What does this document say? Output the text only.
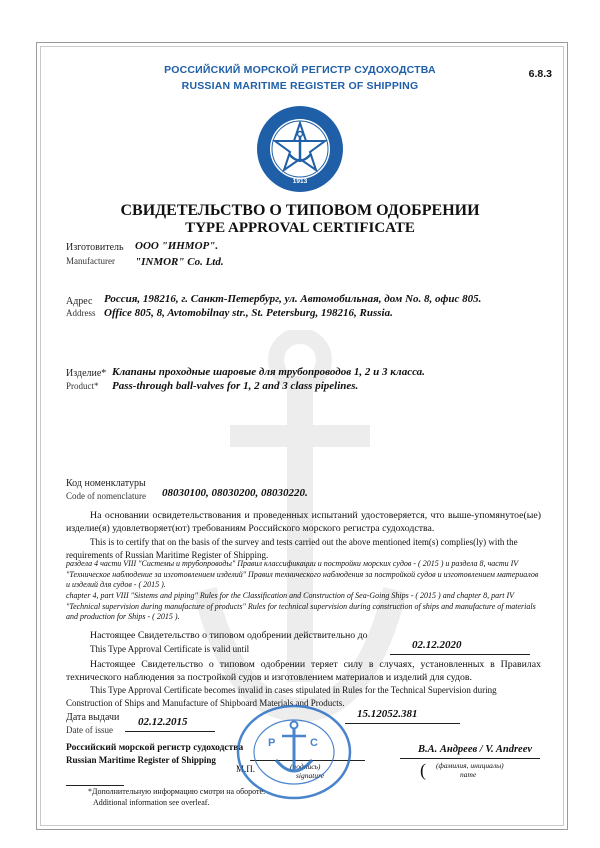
РОССИЙСКИЙ МОРСКОЙ РЕГИСТР СУДОХОДСТВА
RUSSIAN MARITIME REGISTER OF SHIPPING
6.8.3
1913
СВИДЕТЕЛЬСТВО О ТИПОВОМ ОДОБРЕНИИ
TYPE APPROVAL CERTIFICATE
Изготовитель
Manufacturer
ООО "ИНМОР".
"INMOR" Co. Ltd.
Адрес
Address
Россия, 198216, г. Санкт-Петербург, ул. Автомобильная, дом No. 8, офис 805.
Office 805, 8, Avtomobilnay str., St. Petersburg, 198216, Russia.
Изделие*
Product*
Клапаны проходные шаровые для трубопроводов 1, 2 и 3 класса.
Pass-through ball-valves for 1, 2 and 3 class pipelines.
Код номенклатуры
Code of nomenclature 08030100, 08030200, 08030220.
На основании освидетельствования и проведенных испытаний удостоверяется, что выше-упомянутое(ые) изделие(я) удовлетворяет(ют) требованиям Российского морского регистра судоходства.
This is to certify that on the basis of the survey and tests carried out the above mentioned item(s) complies(ly) with the requirements of Russian Maritime Register of Shipping.
раздела 4 части VIII "Системы и трубопроводы" Правил классификации и постройки морских судов - ( 2015 ) и раздела 8, части IV "Техническое наблюдение за изготовлением изделий" Правил технического наблюдения за постройкой судов и изготовлением материалов и изделий для судов - ( 2015 ).
chapter 4, part VIII "Sistems and piping" Rules for the Classification and Construction of Sea-Going Ships - ( 2015 ) and chapter 8, part IV "Technical supervision during manufacture of products" Rules for technical supervision during construction of ships and manufacture of materials and production for Ships - ( 2015 ).
Настоящее Свидетельство о типовом одобрении действительно до
This Type Approval Certificate is valid until	02.12.2020
Настоящее Свидетельство о типовом одобрении теряет силу в случаях, установленных в Правилах технического наблюдения за постройкой судов и изготовлением материалов и изделий для судов.
This Type Approval Certificate becomes invalid in cases stipulated in Rules for the Technical Supervision during Construction of Ships and Manufacture of Shipboard Materials and Products.
Дата выдачи
Date of issue
02.12.2015
15.12052.381
Российский морской регистр судоходства
Russian Maritime Register of Shipping
М.П.	(подпись)
signature
В.А. Андреев / V. Andreev
( (фамилия, инициалы)
name
Р	С
*Дополнительную информацию смотри на обороте.
Additional information see overleaf.
